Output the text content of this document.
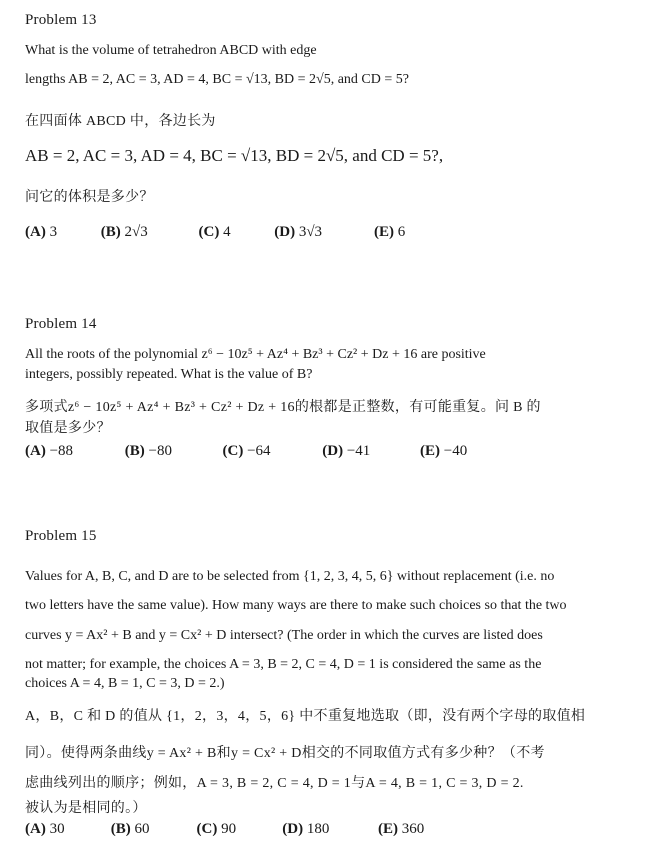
Problem 13
What is the volume of tetrahedron ABCD with edge
lengths AB = 2, AC = 3, AD = 4, BC = √13, BD = 2√5, and CD = 5?
在四面体 ABCD 中，各边长为
AB = 2, AC = 3, AD = 4, BC = √13, BD = 2√5, and CD = 5?,
问它的体积是多少？
(A) 3	(B) 2√3	(C) 4	(D) 3√3	(E) 6
Problem 14
All the roots of the polynomial z⁶ − 10z⁵ + Az⁴ + Bz³ + Cz² + Dz + 16 are positive
integers, possibly repeated. What is the value of B?
多项式z⁶ − 10z⁵ + Az⁴ + Bz³ + Cz² + Dz + 16的根都是正整数，有可能重复。问 B 的
取值是多少？
(A) −88	(B) −80	(C) −64	(D) −41	(E) −40
Problem 15
Values for A, B, C, and D are to be selected from {1, 2, 3, 4, 5, 6} without replacement (i.e. no
two letters have the same value). How many ways are there to make such choices so that the two
curves y = Ax² + B and y = Cx² + D intersect? (The order in which the curves are listed does
not matter; for example, the choices A = 3, B = 2, C = 4, D = 1 is considered the same as the
choices A = 4, B = 1, C = 3, D = 2.)
A，B，C 和 D 的值从 {1，2，3，4，5，6} 中不重复地选取（即，没有两个字母的取值相
同）。使得两条曲线y = Ax² + B和y = Cx² + D相交的不同取值方式有多少种？（不考
虑曲线列出的顺序；例如，A = 3, B = 2, C = 4, D = 1与A = 4, B = 1, C = 3, D = 2.
被认为是相同的。）
(A) 30	(B) 60	(C) 90	(D) 180	(E) 360
